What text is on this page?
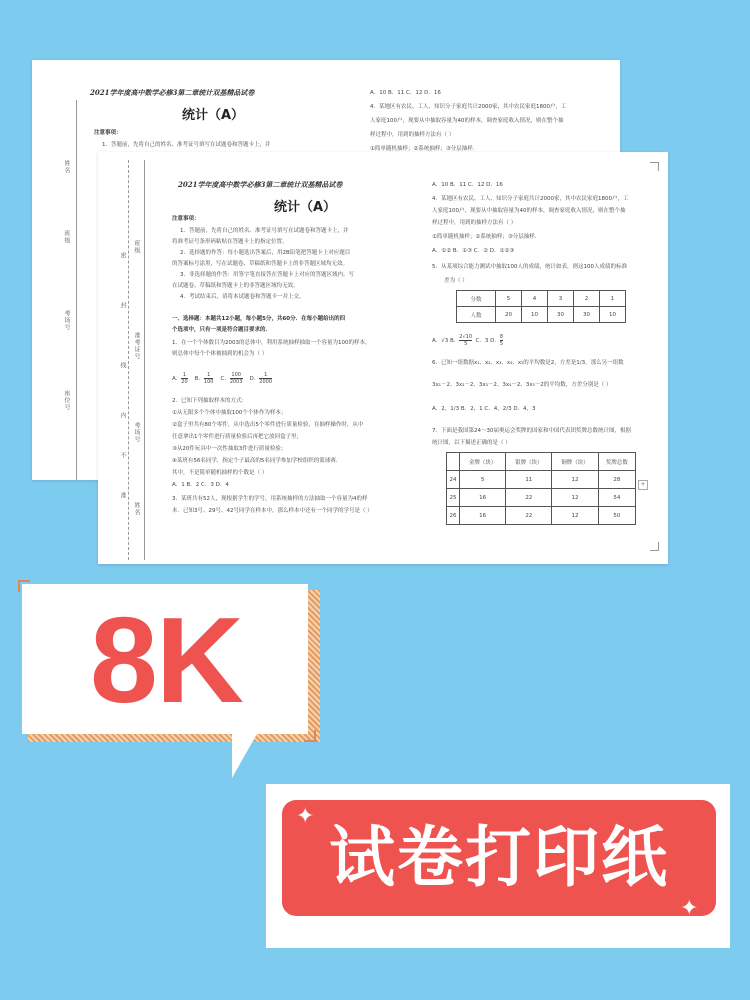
2021学年度高中数学必修3第二章统计双基精品试卷
统计（A）
注意事项：
1．答题前，先将自己的姓名、准考证号填写在试题卷和答题卡上，并
A．10 B．11 C．12 D．16
4．某地区有农民、工人、知识分子家庭共计2000家，其中农民家庭1800户，工
人家庭100户，现要从中抽取容量为40的样本，调查家庭收入情况，则在整个抽
样过程中，用到的抽样方法有（ ）
①简单随机抽样；②系统抽样；③分层抽样．
姓名
班级
考场号
座位号
密
封
线
内
不
准
班级
准考证号
考场号
姓名
2021学年度高中数学必修3第二章统计双基精品试卷
统计（A）
注意事项：
1．答题前，先将自己的姓名、准考证号填写在试题卷和答题卡上，并
将准考证号条形码粘贴在答题卡上的指定位置。
2．选择题的作答：每小题选出答案后，用2B铅笔把答题卡上对应题目
的答案标号涂黑，写在试题卷、草稿纸和答题卡上的非答题区域均无效。
3．非选择题的作答：用签字笔直接答在答题卡上对应的答题区域内。写
在试题卷、草稿纸和答题卡上的非答题区域均无效。
4．考试结束后，请将本试题卷和答题卡一并上交。
一、选择题：本题共12小题，每小题5分，共60分．在每小题给出的四
个选项中，只有一项是符合题目要求的．
1．在一个个体数目为2003的总体中，利用系统抽样抽取一个容量为100的样本，
则总体中每个个体被抽到的机会为（ ）
A． $\frac{1}{20}$ B． $\frac{1}{100}$ C． $\frac{100}{2003}$ D． $\frac{1}{2000}$
2．已知下列抽取样本的方式：
①从无限多个个体中抽取100个个体作为样本；
②盒子里共有80个零件，从中选出5个零件进行质量检验，在抽样操作时，从中
任意拿出1个零件进行质量检验后再把它放回盒子里；
③从20件玩具中一次性抽取3件进行质量检验；
④某班有56名同学，指定个子最高的5名同学参加学校组织的篮球赛．
其中，不是简单随机抽样的个数是（ ）
A．1 B．2 C．3 D．4
3．某班共有52人，现根据学生的学号，用系统抽样的方法抽取一个容量为4的样
本．已知3号、29号、42号同学在样本中，那么样本中还有一个同学的学号是（ ）
A．10 B．11 C．12 D．16
4．某地区有农民、工人、知识分子家庭共计2000家，其中农民家庭1800户，工
人家庭100户，现要从中抽取容量为40的样本，调查家庭收入情况，则在整个抽
样过程中，用到的抽样方法有（ ）
①简单随机抽样；②系统抽样；③分层抽样．
A．①② B．①③ C．② D．①②③
5．从某项综合能力测试中抽取100人的成绩，统计如表，则这100人成绩的标准
差为（ ）
分数	5	4	3	2	1
人数	20	10	30	30	10
A．√3 B． $\frac{2√10}{5}$ C．3 D． $\frac{8}{5}$
6．已知一组数据x₁、x₂、x₃、x₄、x₅的平均数是2，方差是1/3，那么另一组数
3x₁－2、3x₂－2、3x₃－2、3x₄－2、3x₅－2的平均数，方差分别是（ ）
A．2，1/3 B．2，1 C．4，2/3 D．4，3
7．下面是我国第24～30届奥运会奖牌的国家和中国代表团奖牌总数统计图，根据
统计图，以下描述正确的是（ ）
	金牌（块）	银牌（块）	铜牌（块）	奖牌总数
24	5	11	12	28
25	16	22	12	54
26	16	22	12	50
+
8K
试卷打印纸
✦
✦
